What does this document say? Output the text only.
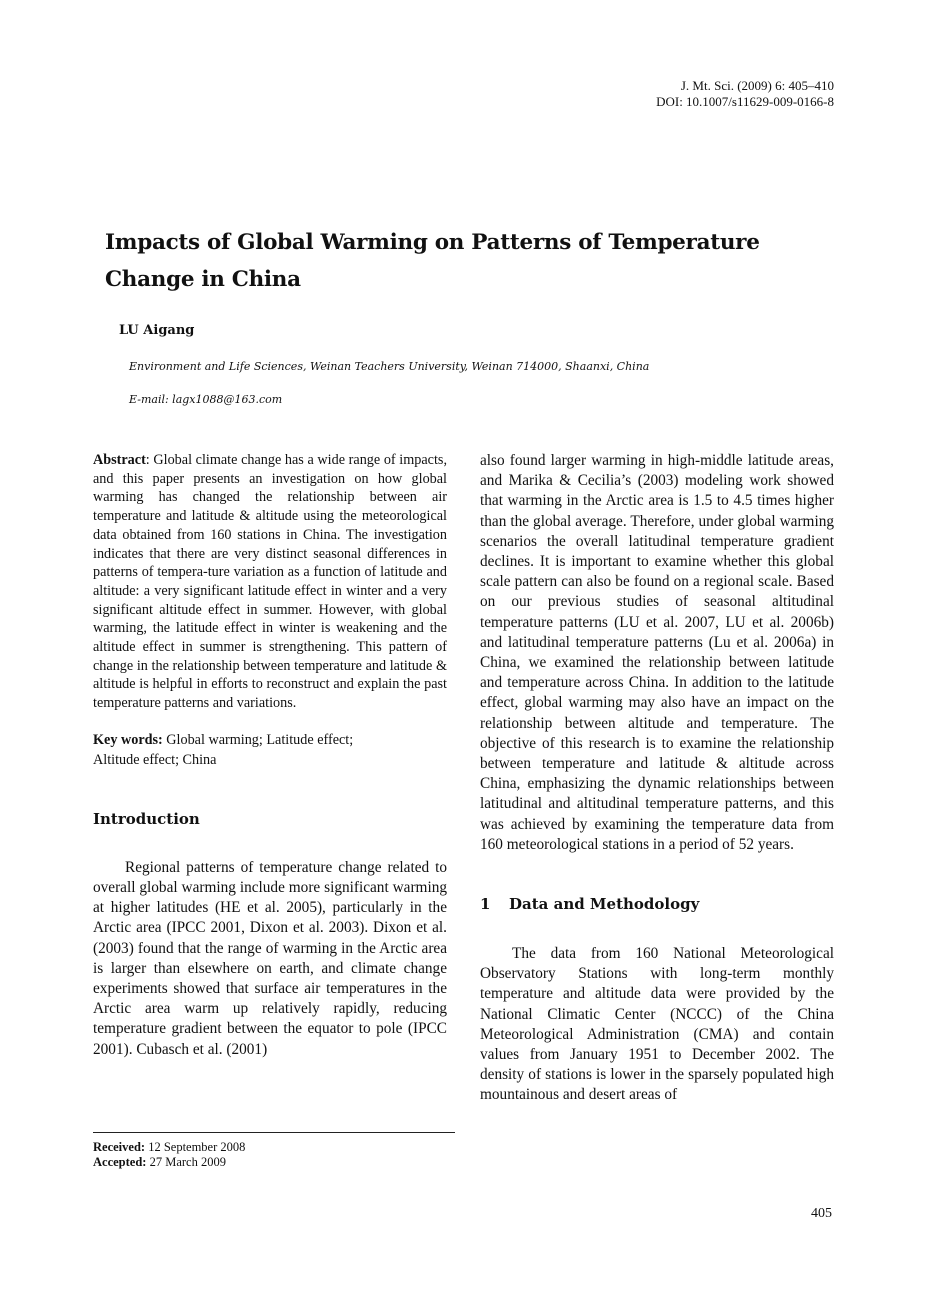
J. Mt. Sci. (2009) 6: 405–410
DOI: 10.1007/s11629-009-0166-8
Impacts of Global Warming on Patterns of Temperature Change in China
LU Aigang
Environment and Life Sciences, Weinan Teachers University, Weinan 714000, Shaanxi, China
E-mail: lagx1088@163.com

Abstract: Global climate change has a wide range of impacts, and this paper presents an investigation on how global warming has changed the relationship between air temperature and latitude & altitude using the meteorological data obtained from 160 stations in China. The investigation indicates that there are very distinct seasonal differences in patterns of tempera-ture variation as a function of latitude and altitude: a very significant latitude effect in winter and a very significant altitude effect in summer. However, with global warming, the latitude effect in winter is weakening and the altitude effect in summer is strengthening. This pattern of change in the relationship between temperature and latitude & altitude is helpful in efforts to reconstruct and explain the past temperature patterns and variations.

Key words: Global warming; Latitude effect;
Altitude effect; China
Introduction

Regional patterns of temperature change related to overall global warming include more significant warming at higher latitudes (HE et al. 2005), particularly in the Arctic area (IPCC 2001, Dixon et al. 2003). Dixon et al. (2003) found that the range of warming in the Arctic area is larger than elsewhere on earth, and climate change experiments showed that surface air temperatures in the Arctic area warm up relatively rapidly, reducing temperature gradient between the equator to pole (IPCC 2001). Cubasch et al. (2001)

also found larger warming in high-middle latitude areas, and Marika & Cecilia’s (2003) modeling work showed that warming in the Arctic area is 1.5 to 4.5 times higher than the global average. Therefore, under global warming scenarios the overall latitudinal temperature gradient declines. It is important to examine whether this global scale pattern can also be found on a regional scale. Based on our previous studies of seasonal altitudinal temperature patterns (LU et al. 2007, LU et al. 2006b) and latitudinal temperature patterns (Lu et al. 2006a) in China, we examined the relationship between latitude and temperature across China. In addition to the latitude effect, global warming may also have an impact on the relationship between altitude and temperature. The objective of this research is to examine the relationship between temperature and latitude & altitude across China, emphasizing the dynamic relationships between latitudinal and altitudinal temperature patterns, and this was achieved by examining the temperature data from 160 meteorological stations in a period of 52 years.

1 Data and Methodology

The data from 160 National Meteorological Observatory Stations with long-term monthly temperature and altitude data were provided by the National Climatic Center (NCCC) of the China Meteorological Administration (CMA) and contain values from January 1951 to December 2002. The density of stations is lower in the sparsely populated high mountainous and desert areas of

Received: 12 September 2008
Accepted: 27 March 2009
405
